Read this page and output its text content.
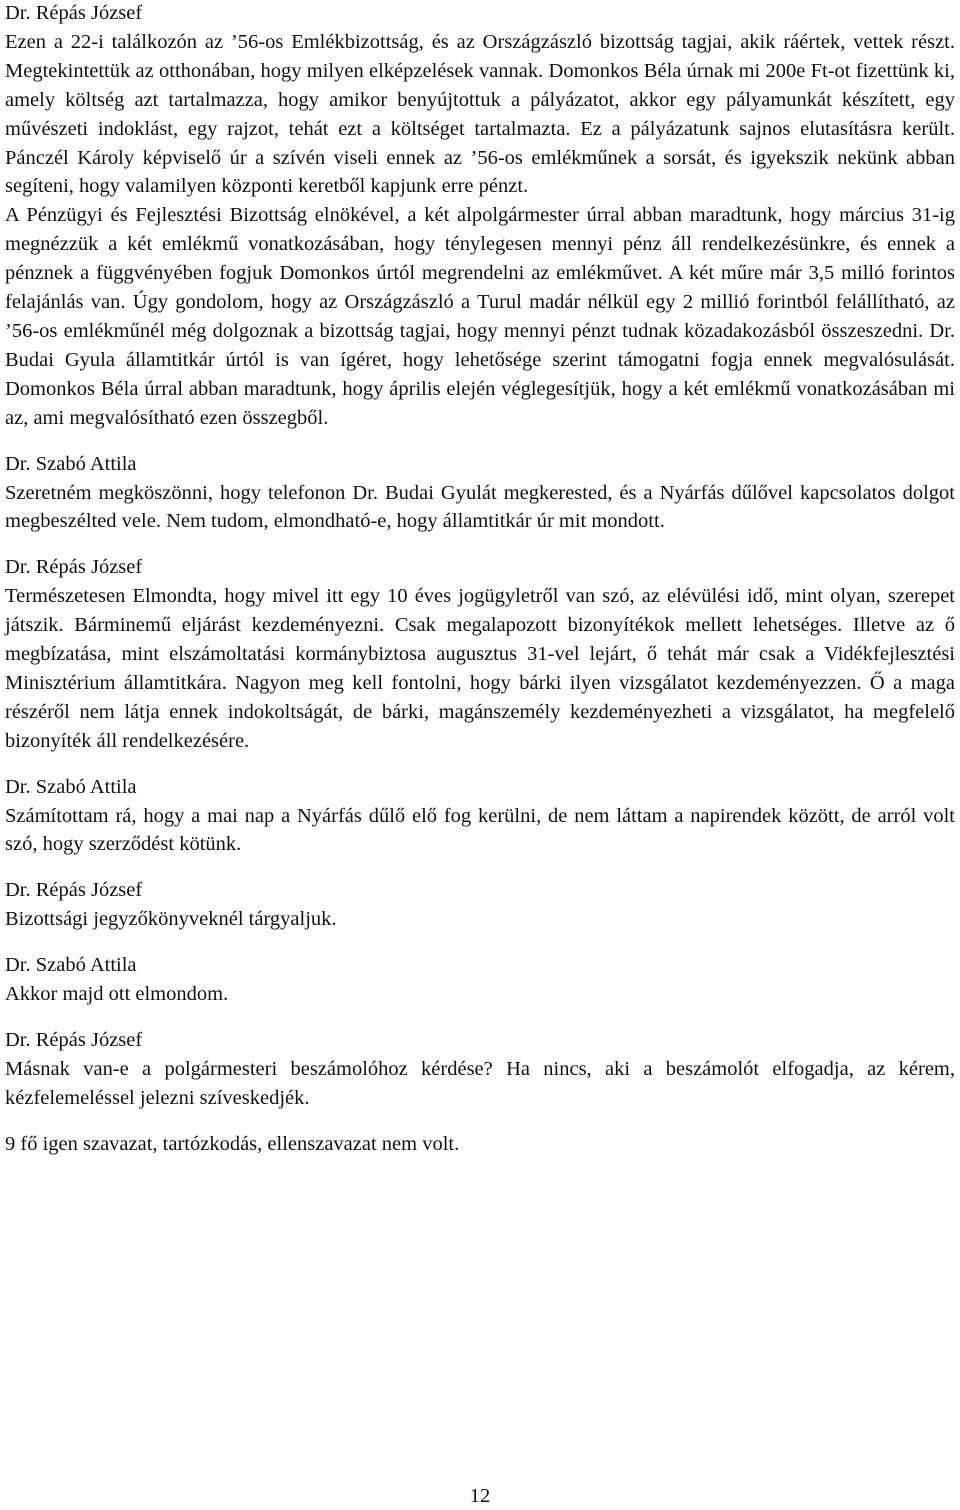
Dr. Répás József

Ezen a 22-i találkozón az ’56-os Emlékbizottság, és az Országzászló bizottság tagjai, akik ráértek, vettek részt. Megtekintettük az otthonában, hogy milyen elképzelések vannak. Domonkos Béla úrnak mi 200e Ft-ot fizettünk ki, amely költség azt tartalmazza, hogy amikor benyújtottuk a pályázatot, akkor egy pályamunkát készített, egy művészeti indoklást, egy rajzot, tehát ezt a költséget tartalmazta. Ez a pályázatunk sajnos elutasításra került. Pánczél Károly képviselő úr a szívén viseli ennek az ’56-os emlékműnek a sorsát, és igyekszik nekünk abban segíteni, hogy valamilyen központi keretből kapjunk erre pénzt.

A Pénzügyi és Fejlesztési Bizottság elnökével, a két alpolgármester úrral abban maradtunk, hogy március 31-ig megnézzük a két emlékmű vonatkozásában, hogy ténylegesen mennyi pénz áll rendelkezésünkre, és ennek a pénznek a függvényében fogjuk Domonkos úrtól megrendelni az emlékművet. A két műre már 3,5 milló forintos felajánlás van. Úgy gondolom, hogy az Országzászló a Turul madár nélkül egy 2 millió forintból felállítható, az ’56-os emlékműnél még dolgoznak a bizottság tagjai, hogy mennyi pénzt tudnak közadakozásból összeszedni. Dr. Budai Gyula államtitkár úrtól is van ígéret, hogy lehetősége szerint támogatni fogja ennek megvalósulását. Domonkos Béla úrral abban maradtunk, hogy április elején véglegesítjük, hogy a két emlékmű vonatkozásában mi az, ami megvalósítható ezen összegből.

Dr. Szabó Attila

Szeretném megköszönni, hogy telefonon Dr. Budai Gyulát megkerested, és a Nyárfás dűlővel kapcsolatos dolgot megbeszélted vele. Nem tudom, elmondható-e, hogy államtitkár úr mit mondott.

Dr. Répás József

Természetesen Elmondta, hogy mivel itt egy 10 éves jogügyletről van szó, az elévülési idő, mint olyan, szerepet játszik. Bárminemű eljárást kezdeményezni. Csak megalapozott bizonyítékok mellett lehetséges. Illetve az ő megbízatása, mint elszámoltatási kormánybiztosa augusztus 31-vel lejárt, ő tehát már csak a Vidékfejlesztési Minisztérium államtitkára. Nagyon meg kell fontolni, hogy bárki ilyen vizsgálatot kezdeményezzen. Ő a maga részéről nem látja ennek indokoltságát, de bárki, magánszemély kezdeményezheti a vizsgálatot, ha megfelelő bizonyíték áll rendelkezésére.

Dr. Szabó Attila

Számítottam rá, hogy a mai nap a Nyárfás dűlő elő fog kerülni, de nem láttam a napirendek között, de arról volt szó, hogy szerződést kötünk.

Dr. Répás József

Bizottsági jegyzőkönyveknél tárgyaljuk.

Dr. Szabó Attila

Akkor majd ott elmondom.

Dr. Répás József

Másnak van-e a polgármesteri beszámolóhoz kérdése? Ha nincs, aki a beszámolót elfogadja, az kérem, kézfelemeléssel jelezni szíveskedjék.

9 fő igen szavazat, tartózkodás, ellenszavazat nem volt.

12
